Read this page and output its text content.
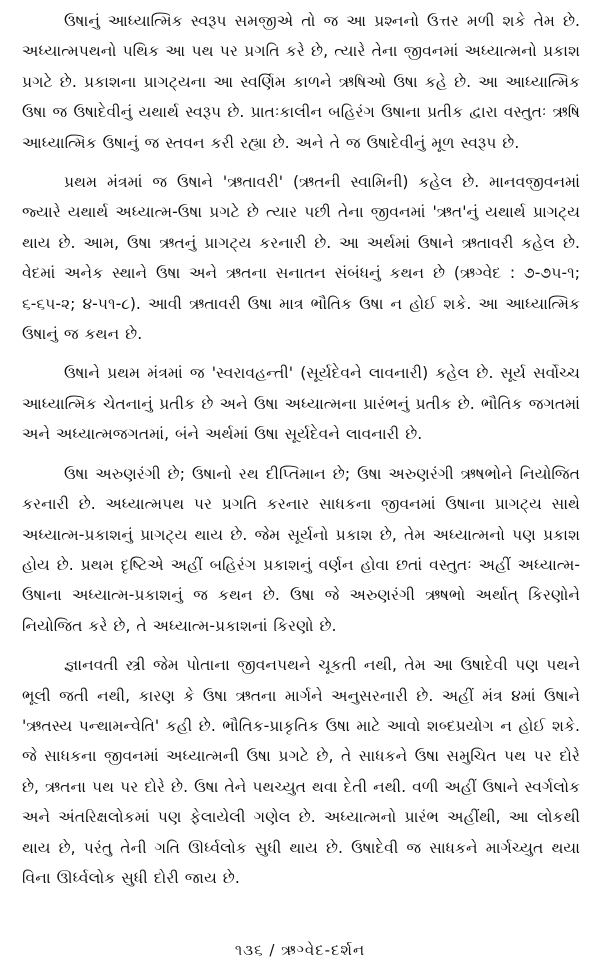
ઉષાનું આધ્યાત્મિક સ્વરૂપ સમજીએ તો જ આ પ્રશ્નનો ઉત્તર મળી શકે તેમ છે. અધ્યાત્મપથનો પથિક આ પથ પર પ્રગતિ કરે છે, ત્યારે તેના જીવનમાં અધ્યાત્મનો પ્રકાશ પ્રગટે છે. પ્રકાશના પ્રાગટ્યના આ સ્વર્ણિમ કાળને ઋષિઓ ઉષા કહે છે. આ આધ્યાત્મિક ઉષા જ ઉષાદેવીનું યથાર્થ સ્વરૂપ છે. પ્રાતઃકાલીન બહિરંગ ઉષાના પ્રતીક દ્વારા વસ્તુતઃ ઋષિ આધ્યાત્મિક ઉષાનું જ સ્તવન કરી રહ્યા છે. અને તે જ ઉષાદેવીનું મૂળ સ્વરૂપ છે.

પ્રથમ મંત્રમાં જ ઉષાને 'ઋતાવરી' (ઋતની સ્વામિની) કહેલ છે. માનવજીવનમાં જ્યારે યથાર્થ અધ્યાત્મ-ઉષા પ્રગટે છે ત્યાર પછી તેના જીવનમાં 'ઋત'નું યથાર્થ પ્રાગટ્ય થાય છે. આમ, ઉષા ઋતનું પ્રાગટ્ય કરનારી છે. આ અર્થમાં ઉષાને ઋતાવરી કહેલ છે. વેદમાં અનેક સ્થાને ઉષા અને ઋતના સનાતન સંબંધનું કથન છે (ઋગ્વેદ : ૭-૭૫-૧; ૬-૬૫-૨; ૪-૫૧-૮). આવી ઋતાવરી ઉષા માત્ર ભૌતિક ઉષા ન હોઈ શકે. આ આધ્યાત્મિક ઉષાનું જ કથન છે.

ઉષાને પ્રથમ મંત્રમાં જ 'સ્વરાવહન્તી' (સૂર્યદેવને લાવનારી) કહેલ છે. સૂર્ય સર્વોચ્ચ આધ્યાત્મિક ચેતનાનું પ્રતીક છે અને ઉષા અધ્યાત્મના પ્રારંભનું પ્રતીક છે. ભૌતિક જગતમાં અને અધ્યાત્મજગતમાં, બંને અર્થમાં ઉષા સૂર્યદેવને લાવનારી છે.

ઉષા અરુણરંગી છે; ઉષાનો રથ દીપ્તિમાન છે; ઉષા અરુણરંગી ઋષભોને નિયોજિત કરનારી છે. અધ્યાત્મપથ પર પ્રગતિ કરનાર સાધકના જીવનમાં ઉષાના પ્રાગટ્ય સાથે અધ્યાત્મ-પ્રકાશનું પ્રાગટ્ય થાય છે. જેમ સૂર્યનો પ્રકાશ છે, તેમ અધ્યાત્મનો પણ પ્રકાશ હોય છે. પ્રથમ દૃષ્ટિએ અહીં બહિરંગ પ્રકાશનું વર્ણન હોવા છતાં વસ્તુતઃ અહીં અધ્યાત્મ-ઉષાના અધ્યાત્મ-પ્રકાશનું જ કથન છે. ઉષા જે અરુણરંગી ઋષભો અર્થાત્ કિરણોને નિયોજિત કરે છે, તે અધ્યાત્મ-પ્રકાશનાં કિરણો છે.

જ્ઞાનવતી સ્ત્રી જેમ પોતાના જીવનપથને ચૂકતી નથી, તેમ આ ઉષાદેવી પણ પથને ભૂલી જતી નથી, કારણ કે ઉષા ઋતના માર્ગને અનુસરનારી છે. અહીં મંત્ર ૪માં ઉષાને 'ઋતસ્ય પન્થામન્વેતિ' કહી છે. ભૌતિક-પ્રાકૃતિક ઉષા માટે આવો શબ્દપ્રયોગ ન હોઈ શકે. જે સાધકના જીવનમાં અધ્યાત્મની ઉષા પ્રગટે છે, તે સાધકને ઉષા સમુચિત પથ પર દોરે છે, ઋતના પથ પર દોરે છે. ઉષા તેને પથચ્યુત થવા દેતી નથી. વળી અહીં ઉષાને સ્વર્ગલોક અને અંતરિક્ષલોકમાં પણ ફેલાયેલી ગણેલ છે. અધ્યાત્મનો પ્રારંભ અહીંથી, આ લોકથી થાય છે, પરંતુ તેની ગતિ ઊર્ધ્વલોક સુધી થાય છે. ઉષાદેવી જ સાધકને માર્ગચ્યુત થયા વિના ઊર્ધ્વલોક સુધી દોરી જાય છે.

૧૩૬ / ઋગ્વેદ-દર્શન
